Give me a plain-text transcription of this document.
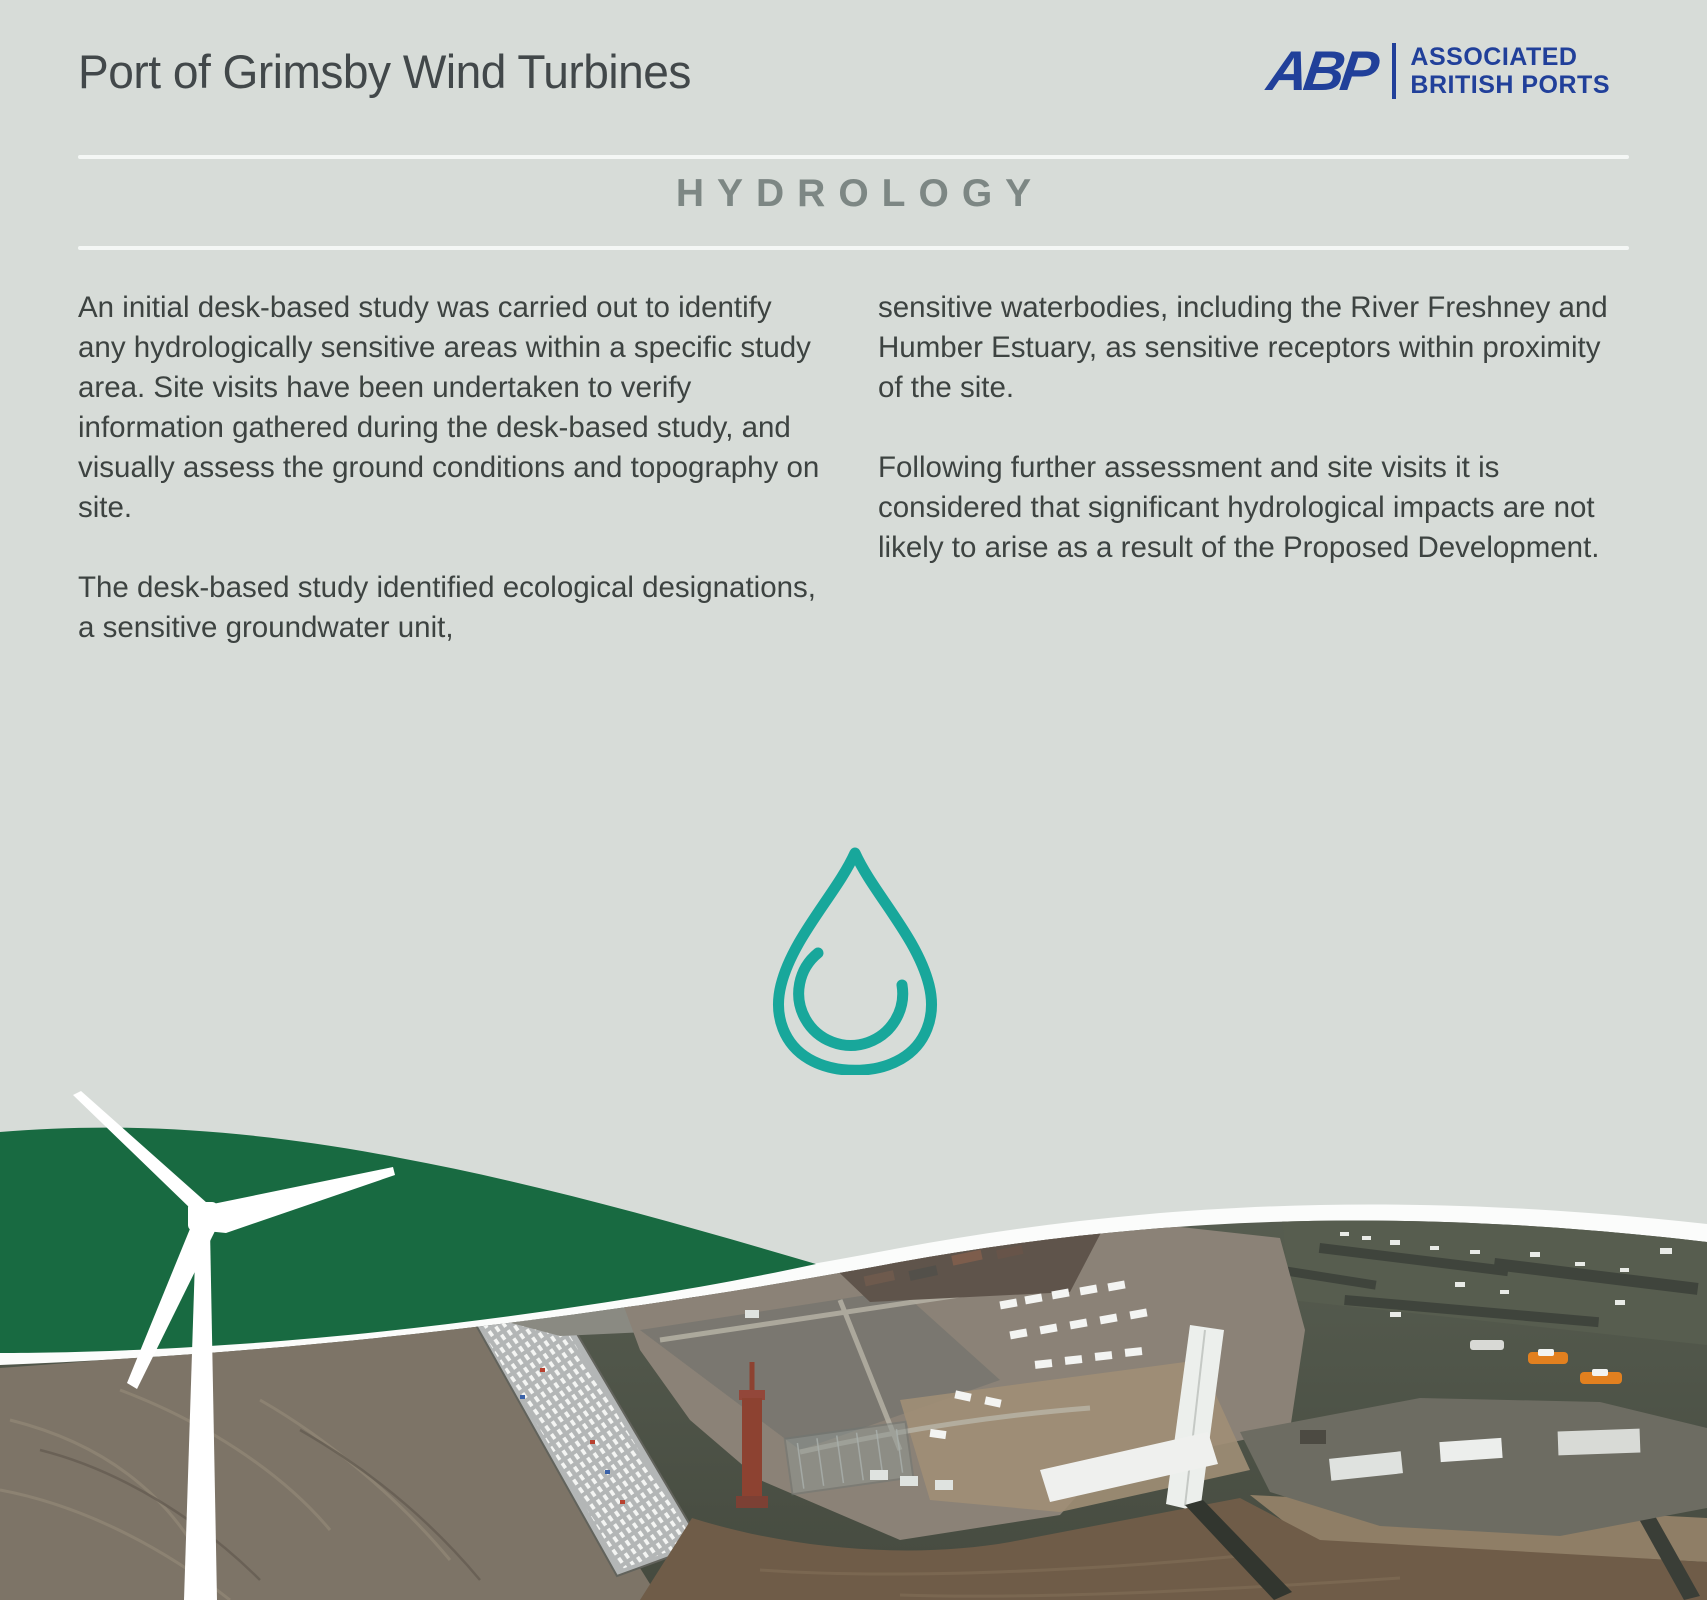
Port of Grimsby Wind Turbines	ABP ASSOCIATED
BRITISH PORTS
HYDROLOGY

An initial desk-based study was carried out to identify any hydrologically sensitive areas within a specific study area. Site visits have been undertaken to verify information gathered during the desk-based study, and visually assess the ground conditions and topography on site.

The desk-based study identified ecological designations, a sensitive groundwater unit,

sensitive waterbodies, including the River Freshney and Humber Estuary, as sensitive receptors within proximity of the site.

Following further assessment and site visits it is considered that significant hydrological impacts are not likely to arise as a result of the Proposed Development.
